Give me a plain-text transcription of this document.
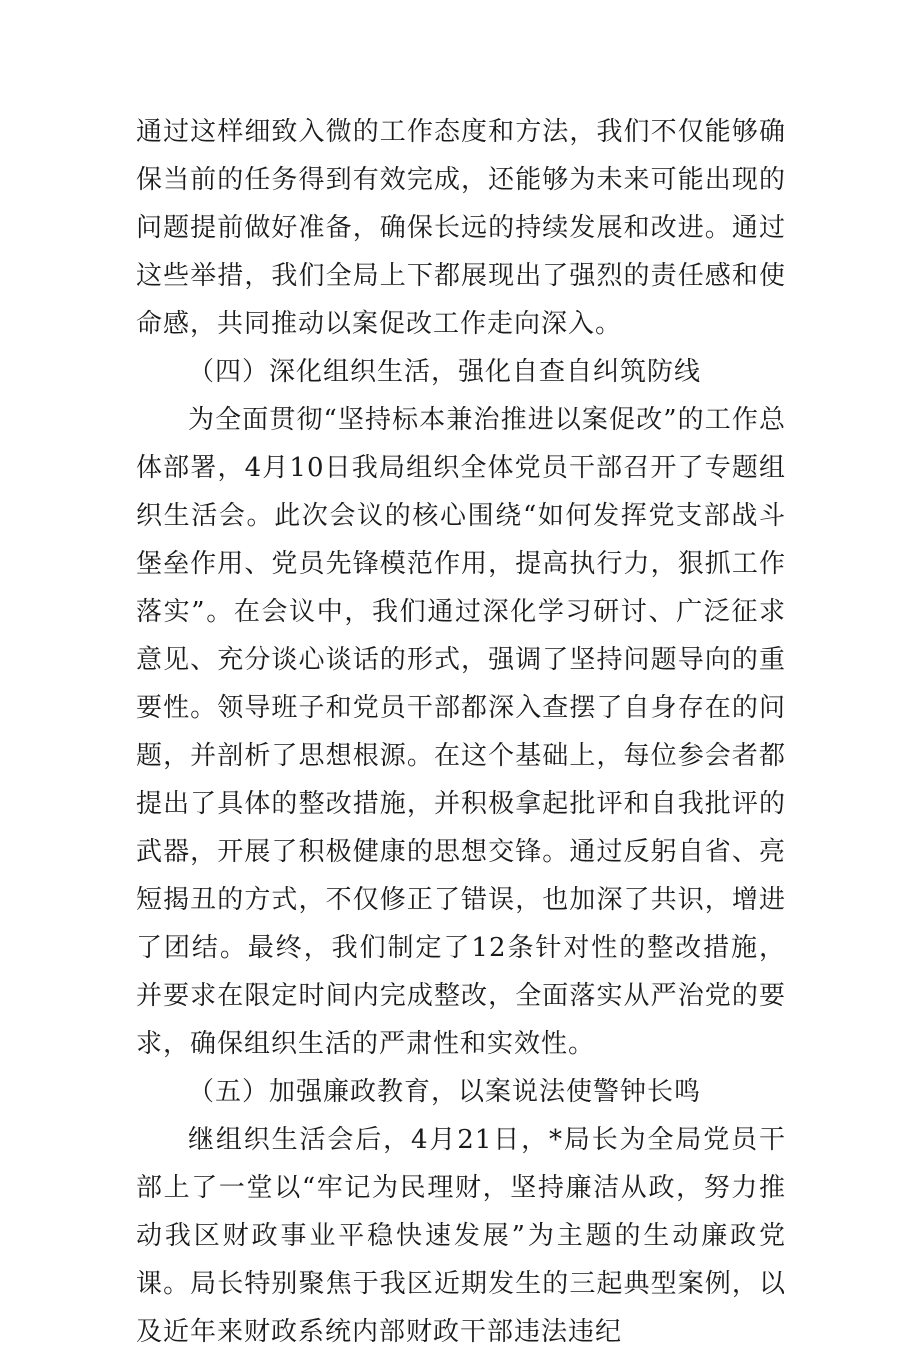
通过这样细致入微的工作态度和方法，我们不仅能够确保当前的任务得到有效完成，还能够为未来可能出现的问题提前做好准备，确保长远的持续发展和改进。通过这些举措，我们全局上下都展现出了强烈的责任感和使命感，共同推动以案促改工作走向深入。

（四）深化组织生活，强化自查自纠筑防线

为全面贯彻“坚持标本兼治推进以案促改”的工作总体部署，4月10日我局组织全体党员干部召开了专题组织生活会。此次会议的核心围绕“如何发挥党支部战斗堡垒作用、党员先锋模范作用，提高执行力，狠抓工作落实”。在会议中，我们通过深化学习研讨、广泛征求意见、充分谈心谈话的形式，强调了坚持问题导向的重要性。领导班子和党员干部都深入查摆了自身存在的问题，并剖析了思想根源。在这个基础上，每位参会者都提出了具体的整改措施，并积极拿起批评和自我批评的武器，开展了积极健康的思想交锋。通过反躬自省、亮短揭丑的方式，不仅修正了错误，也加深了共识，增进了团结。最终，我们制定了12条针对性的整改措施，并要求在限定时间内完成整改，全面落实从严治党的要求，确保组织生活的严肃性和实效性。

（五）加强廉政教育，以案说法使警钟长鸣

继组织生活会后，4月21日，*局长为全局党员干部上了一堂以“牢记为民理财，坚持廉洁从政，努力推动我区财政事业平稳快速发展”为主题的生动廉政党课。局长特别聚焦于我区近期发生的三起典型案例，以及近年来财政系统内部财政干部违法违纪
